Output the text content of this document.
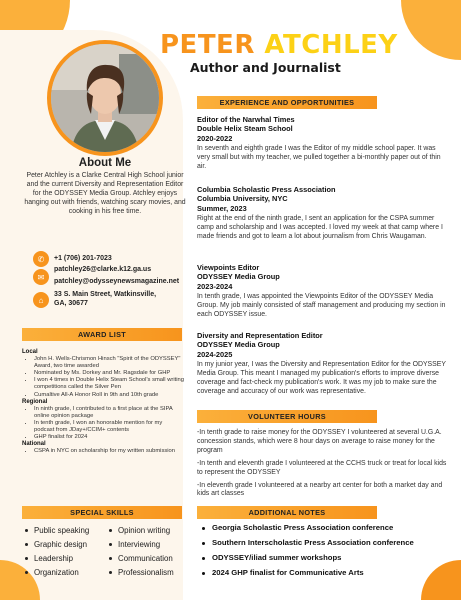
PETER ATCHLEY
Author and Journalist
About Me
Peter Atchley is a Clarke Central High School junior and the current Diversity and Representation Editor for the ODYSSEY Media Group. Atchley enjoys hanging out with friends, watching scary movies, and cooking in his free time.
✆	+1 (706) 201-7023
✉
patchley26@clarke.k12.ga.us
patchley@odysseynewsmagazine.net
⌂
33 S. Main Street, Watkinsville,
GA, 30677
AWARD LIST
Local
• John H. Wells-Chrismon Hinsch "Spirit of the ODYSSEY" Award, two time awarded
• Nominated by Ms. Dorkey and Mr. Ragsdale for GHP
• I won 4 times in Double Helix Steam School's small writing competitions called the Silver Pen
• Cumaltive All-A Honor Roll in 9th and 10th grade
Regional
• In ninth grade, I contributed to a first place at the SIPA online opinion package
• In tenth grade, I won an honorable mention for my podcast from JDay+/CCIM+ contents
• GHP finalist for 2024
National
• CSPA in NYC on scholarship for my written submission
SPECIAL SKILLS
Public speaking	Opinion writing
Graphic design	Interviewing
Leadership	Communication
Organization	Professionalism
EXPERIENCE AND OPPORTUNITIES
Editor of the Narwhal Times
Double Helix Steam School
2020-2022
In seventh and eighth grade I was the Editor of my middle school paper. It was very small but with my teacher, we pulled together a bi-monthly paper out of thin air.
Columbia Scholastic Press Association
Columbia University, NYC
Summer, 2023
Right at the end of the ninth grade, I sent an application for the CSPA summer camp and scholarship and I was accepted. I loved my week at that camp where I made friends and got to learn a lot about journalism from Chris Waugaman.
Viewpoints Editor
ODYSSEY Media Group
2023-2024
In tenth grade, I was appointed the Viewpoints Editor of the ODYSSEY Media Group. My job mainly consisted of staff management and producing my section in each ODYSSEY issue.
Diversity and Representation Editor
ODYSSEY Media Group
2024-2025
In my junior year, I was the Diversity and Representation Editor for the ODYSSEY Media Group. This meant I managed my publication's efforts to improve diverse coverage and fact-check my publication's work. It was my job to make sure the coverage and accuracy of our work was representative.
VOLUNTEER HOURS

-In tenth grade to raise money for the ODYSSEY I volunteered at several U.G.A. concession stands, which were 8 hour days on average to raise money for the program

-In tenth and eleventh grade I volunteered at the CCHS truck or treat for local kids to represent the ODYSSEY

-In eleventh grade I volunteered at a nearby art center for both a market day and kids art classes

ADDITIONAL NOTES
Georgia Scholastic Press Association conference
Southern Interscholastic Press Association conference
ODYSSEY/iliad summer workshops
2024 GHP finalist for Communicative Arts
